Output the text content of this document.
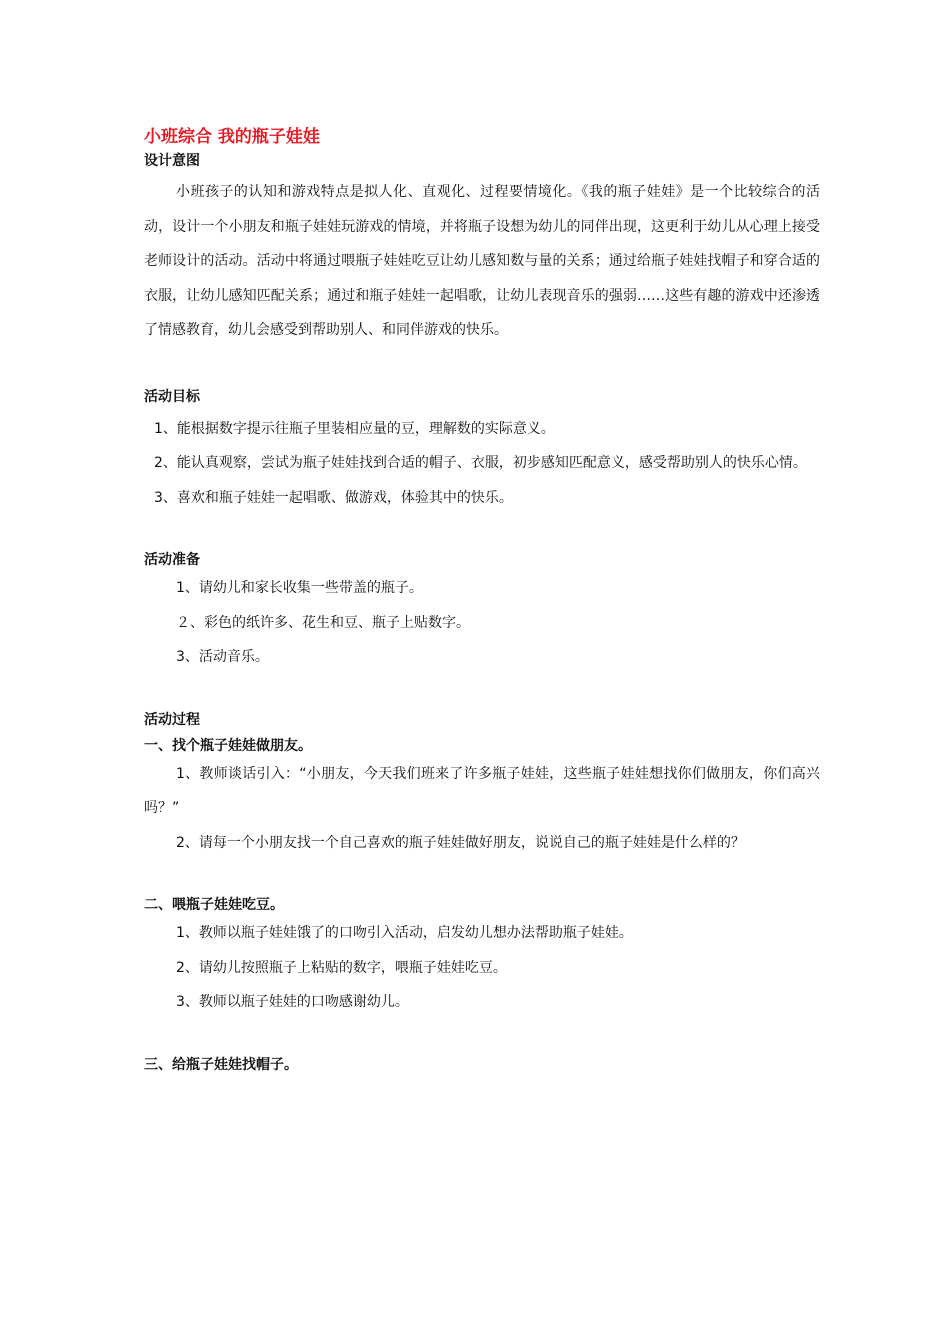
小班综合 我的瓶子娃娃

设计意图

小班孩子的认知和游戏特点是拟人化、直观化、过程要情境化。《我的瓶子娃娃》是一个比较综合的活动，设计一个小朋友和瓶子娃娃玩游戏的情境，并将瓶子设想为幼儿的同伴出现，这更利于幼儿从心理上接受老师设计的活动。活动中将通过喂瓶子娃娃吃豆让幼儿感知数与量的关系；通过给瓶子娃娃找帽子和穿合适的衣服，让幼儿感知匹配关系；通过和瓶子娃娃一起唱歌，让幼儿表现音乐的强弱……这些有趣的游戏中还渗透了情感教育，幼儿会感受到帮助别人、和同伴游戏的快乐。

活动目标

1、能根据数字提示往瓶子里装相应量的豆，理解数的实际意义。

2、能认真观察，尝试为瓶子娃娃找到合适的帽子、衣服，初步感知匹配意义，感受帮助别人的快乐心情。

3、喜欢和瓶子娃娃一起唱歌、做游戏，体验其中的快乐。

活动准备

1、请幼儿和家长收集一些带盖的瓶子。

２、彩色的纸许多、花生和豆、瓶子上贴数字。

3、活动音乐。

活动过程

一、找个瓶子娃娃做朋友。

1、教师谈话引入：“小朋友，今天我们班来了许多瓶子娃娃，这些瓶子娃娃想找你们做朋友，你们高兴吗？”

2、请每一个小朋友找一个自己喜欢的瓶子娃娃做好朋友，说说自己的瓶子娃娃是什么样的？

二、喂瓶子娃娃吃豆。

1、教师以瓶子娃娃饿了的口吻引入活动，启发幼儿想办法帮助瓶子娃娃。

2、请幼儿按照瓶子上粘贴的数字，喂瓶子娃娃吃豆。

3、教师以瓶子娃娃的口吻感谢幼儿。

三、给瓶子娃娃找帽子。
